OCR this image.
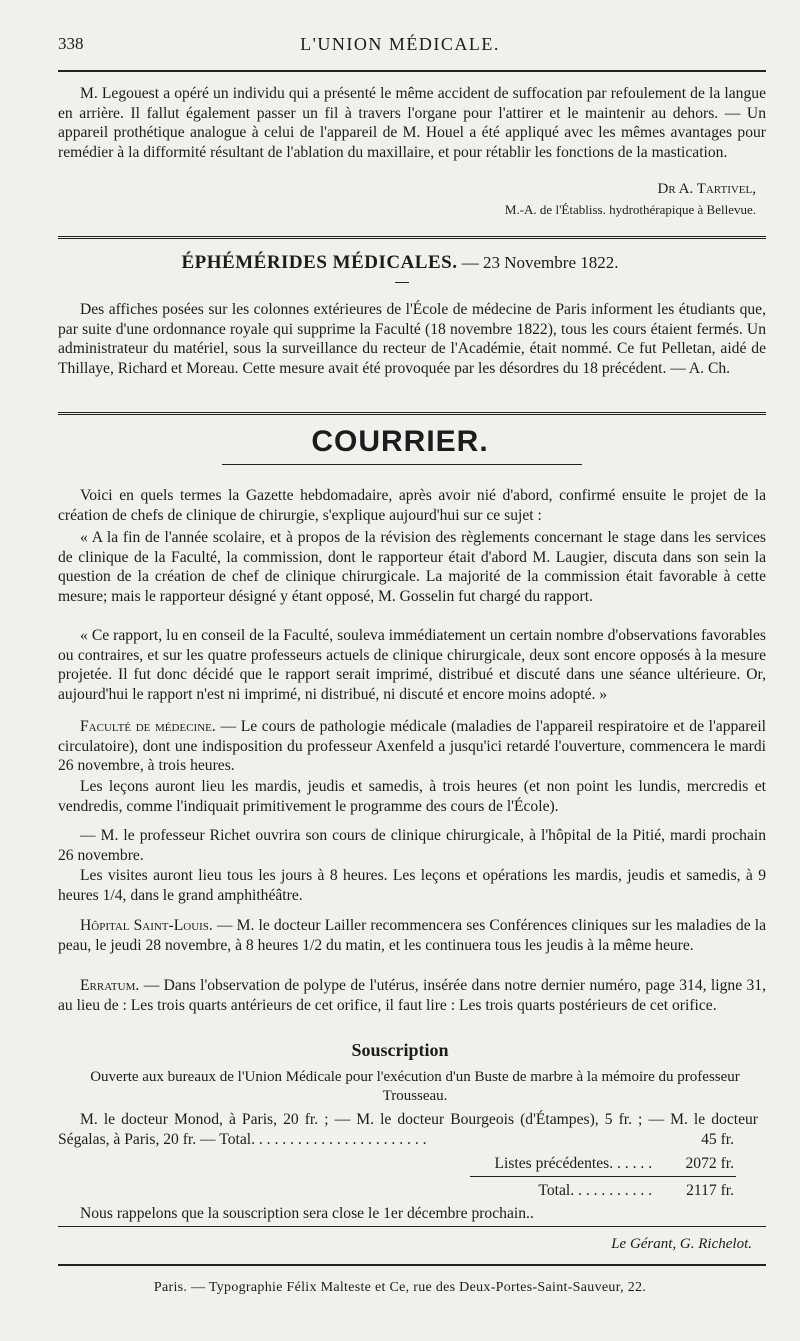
338	L'UNION MÉDICALE.

M. Legouest a opéré un individu qui a présenté le même accident de suffocation par refoulement de la langue en arrière. Il fallut également passer un fil à travers l'organe pour l'attirer et le maintenir au dehors. — Un appareil prothétique analogue à celui de l'appareil de M. Houel a été appliqué avec les mêmes avantages pour remédier à la difformité résultant de l'ablation du maxillaire, et pour rétablir les fonctions de la mastication.

Dr A. Tartivel,
M.-A. de l'Établiss. hydrothérapique à Bellevue.
ÉPHÉMÉRIDES MÉDICALES. — 23 Novembre 1822.

Des affiches posées sur les colonnes extérieures de l'École de médecine de Paris informent les étudiants que, par suite d'une ordonnance royale qui supprime la Faculté (18 novembre 1822), tous les cours étaient fermés. Un administrateur du matériel, sous la surveillance du recteur de l'Académie, était nommé. Ce fut Pelletan, aidé de Thillaye, Richard et Moreau. Cette mesure avait été provoquée par les désordres du 18 précédent. — A. Ch.

COURRIER.

Voici en quels termes la Gazette hebdomadaire, après avoir nié d'abord, confirmé ensuite le projet de la création de chefs de clinique de chirurgie, s'explique aujourd'hui sur ce sujet :

« A la fin de l'année scolaire, et à propos de la révision des règlements concernant le stage dans les services de clinique de la Faculté, la commission, dont le rapporteur était d'abord M. Laugier, discuta dans son sein la question de la création de chef de clinique chirurgicale. La majorité de la commission était favorable à cette mesure; mais le rapporteur désigné y étant opposé, M. Gosselin fut chargé du rapport.

« Ce rapport, lu en conseil de la Faculté, souleva immédiatement un certain nombre d'observations favorables ou contraires, et sur les quatre professeurs actuels de clinique chirurgicale, deux sont encore opposés à la mesure projetée. Il fut donc décidé que le rapport serait imprimé, distribué et discuté dans une séance ultérieure. Or, aujourd'hui le rapport n'est ni imprimé, ni distribué, ni discuté et encore moins adopté. »

Faculté de médecine. — Le cours de pathologie médicale (maladies de l'appareil respiratoire et de l'appareil circulatoire), dont une indisposition du professeur Axenfeld a jusqu'ici retardé l'ouverture, commencera le mardi 26 novembre, à trois heures.

Les leçons auront lieu les mardis, jeudis et samedis, à trois heures (et non point les lundis, mercredis et vendredis, comme l'indiquait primitivement le programme des cours de l'École).

— M. le professeur Richet ouvrira son cours de clinique chirurgicale, à l'hôpital de la Pitié, mardi prochain 26 novembre.

Les visites auront lieu tous les jours à 8 heures. Les leçons et opérations les mardis, jeudis et samedis, à 9 heures 1/4, dans le grand amphithéâtre.

Hôpital Saint-Louis. — M. le docteur Lailler recommencera ses Conférences cliniques sur les maladies de la peau, le jeudi 28 novembre, à 8 heures 1/2 du matin, et les continuera tous les jeudis à la même heure.

Erratum. — Dans l'observation de polype de l'utérus, insérée dans notre dernier numéro, page 314, ligne 31, au lieu de : Les trois quarts antérieurs de cet orifice, il faut lire : Les trois quarts postérieurs de cet orifice.

Souscription
Ouverte aux bureaux de l'Union Médicale pour l'exécution d'un Buste de marbre à la mémoire du professeur Trousseau.

M. le docteur Monod, à Paris, 20 fr. ; — M. le docteur Bourgeois (d'Étampes), 5 fr. ; — M. le docteur Ségalas, à Paris, 20 fr. — Total. . . . . . . . . . . . . . . . . . . . . . .	45 fr.
Listes précédentes. . . . . . 2072 fr.
Total. . . . . . . . . . . 2117 fr.

Nous rappelons que la souscription sera close le 1er décembre prochain..

Le Gérant, G. Richelot.
Paris. — Typographie Félix Malteste et Ce, rue des Deux-Portes-Saint-Sauveur, 22.
